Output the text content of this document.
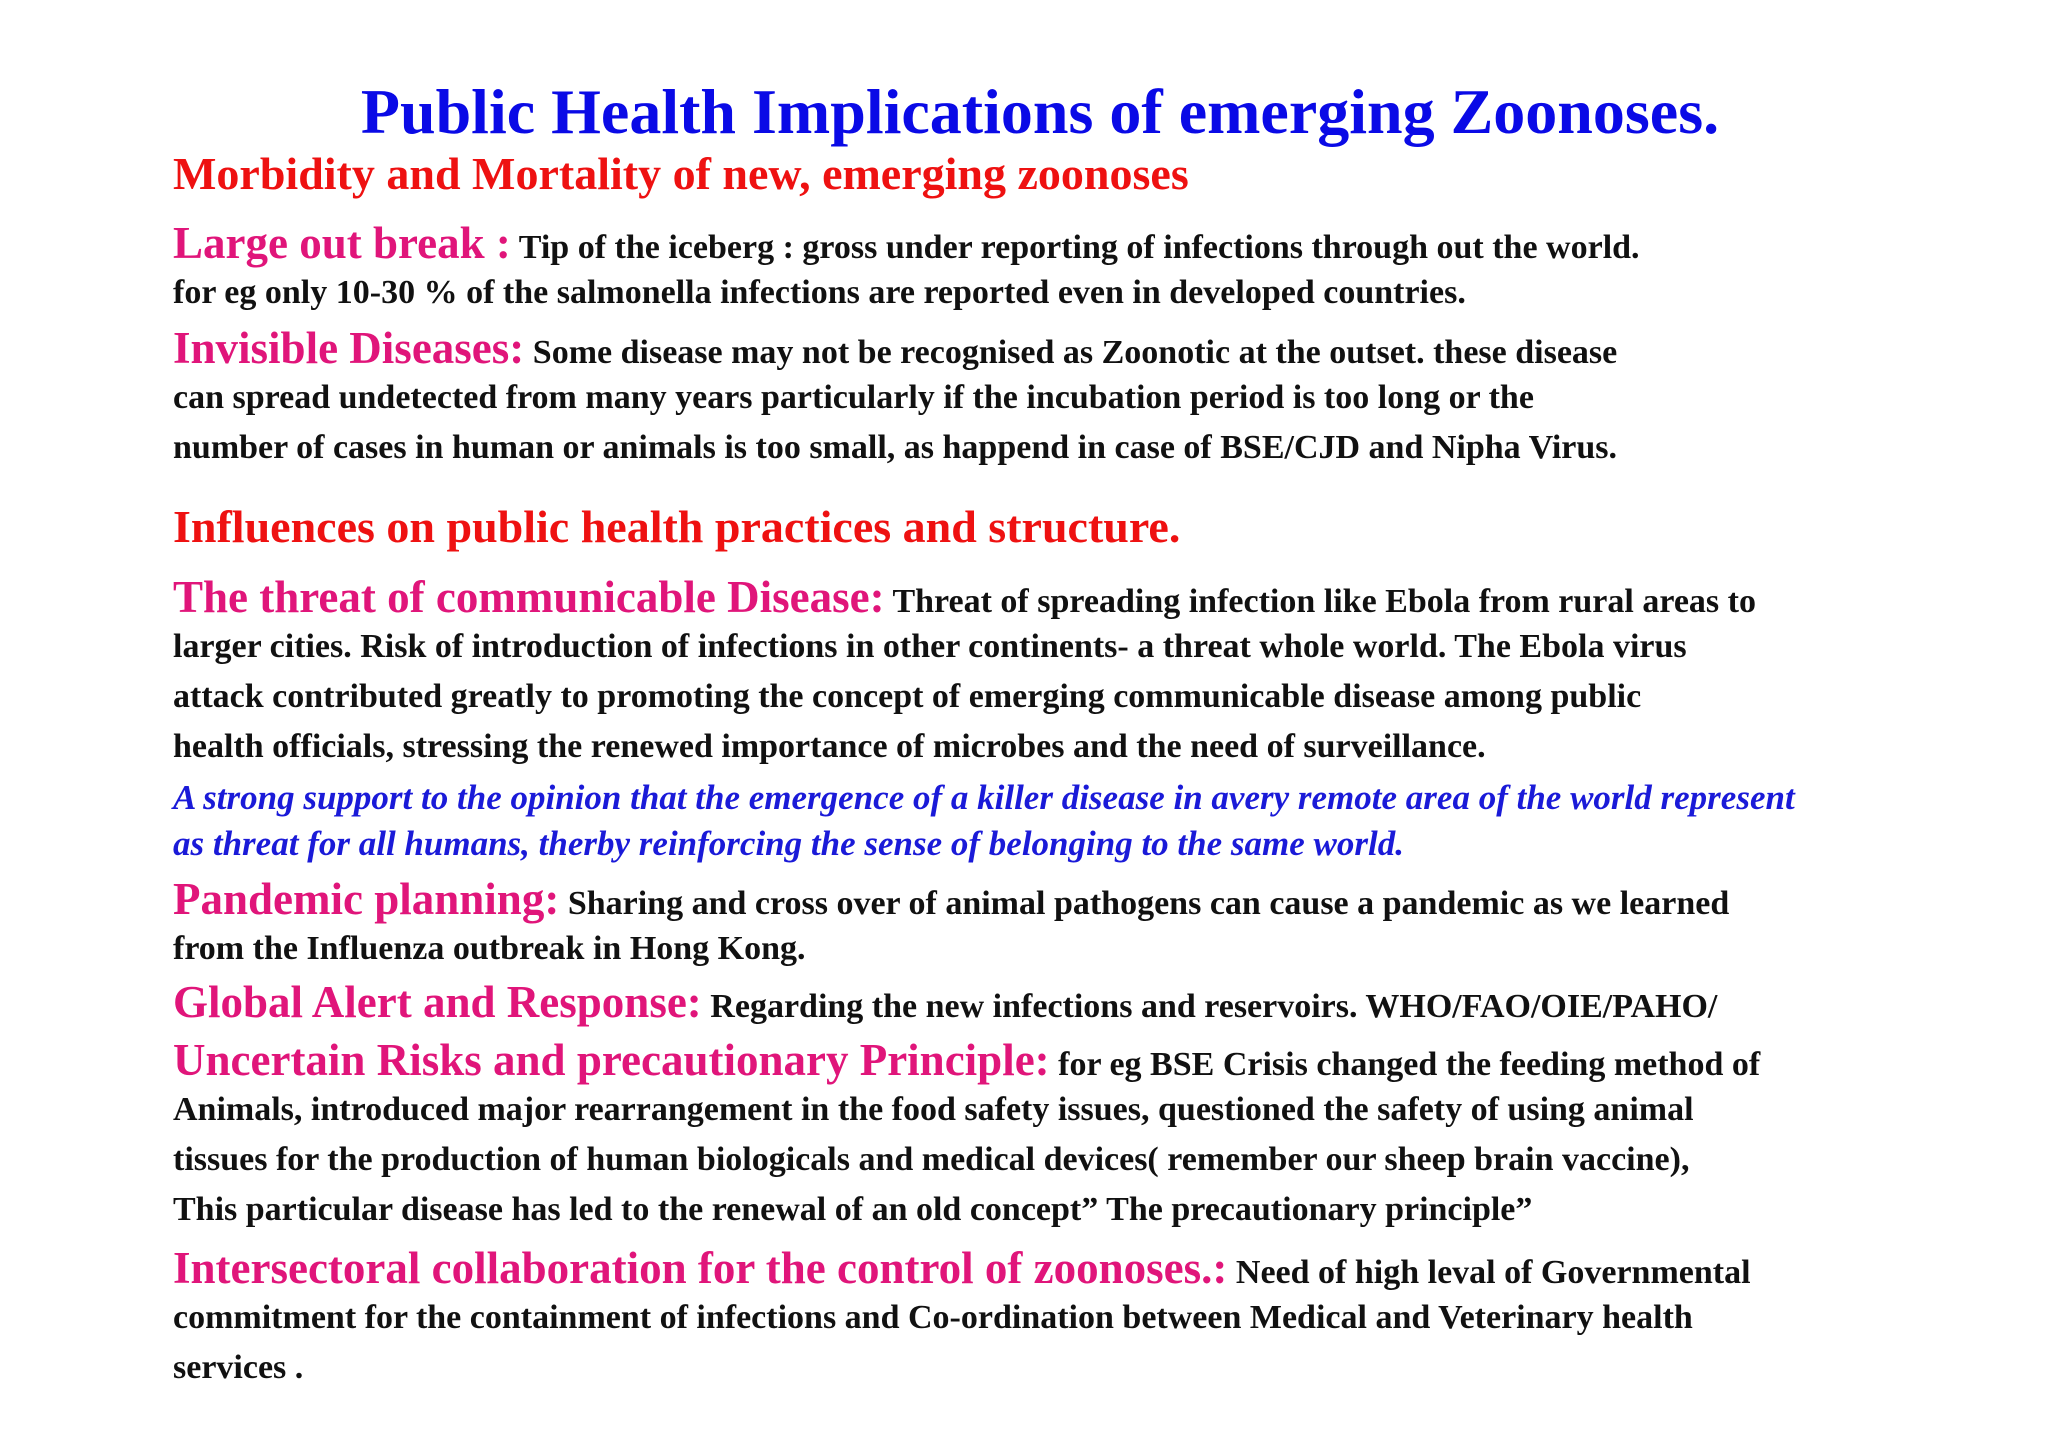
Public Health Implications of emerging Zoonoses.
Morbidity and Mortality of new, emerging zoonoses
Large out break : Tip of the iceberg : gross under reporting of infections through out the world.
for eg only 10-30 % of the salmonella infections are reported even in developed countries.
Invisible Diseases: Some disease may not be recognised as Zoonotic at the outset. these disease
can spread undetected from many years particularly if the incubation period is too long or the
number of cases in human or animals is too small, as happend in case of BSE/CJD and Nipha Virus.
Influences on public health practices and structure.
The threat of communicable Disease: Threat of spreading infection like Ebola from rural areas to
larger cities. Risk of introduction of infections in other continents- a threat whole world. The Ebola virus
attack contributed greatly to promoting the concept of emerging communicable disease among public
health officials, stressing the renewed importance of microbes and the need of surveillance.
A strong support to the opinion that the emergence of a killer disease in avery remote area of the world represent
as threat for all humans, therby reinforcing the sense of belonging to the same world.
Pandemic planning: Sharing and cross over of animal pathogens can cause a pandemic as we learned
from the Influenza outbreak in Hong Kong.
Global Alert and Response: Regarding the new infections and reservoirs. WHO/FAO/OIE/PAHO/
Uncertain Risks and precautionary Principle: for eg BSE Crisis changed the feeding method of
Animals, introduced major rearrangement in the food safety issues, questioned the safety of using animal
tissues for the production of human biologicals and medical devices( remember our sheep brain vaccine),
This particular disease has led to the renewal of an old concept” The precautionary principle”
Intersectoral collaboration for the control of zoonoses.: Need of high leval of Governmental
commitment for the containment of infections and Co-ordination between Medical and Veterinary health
services .
